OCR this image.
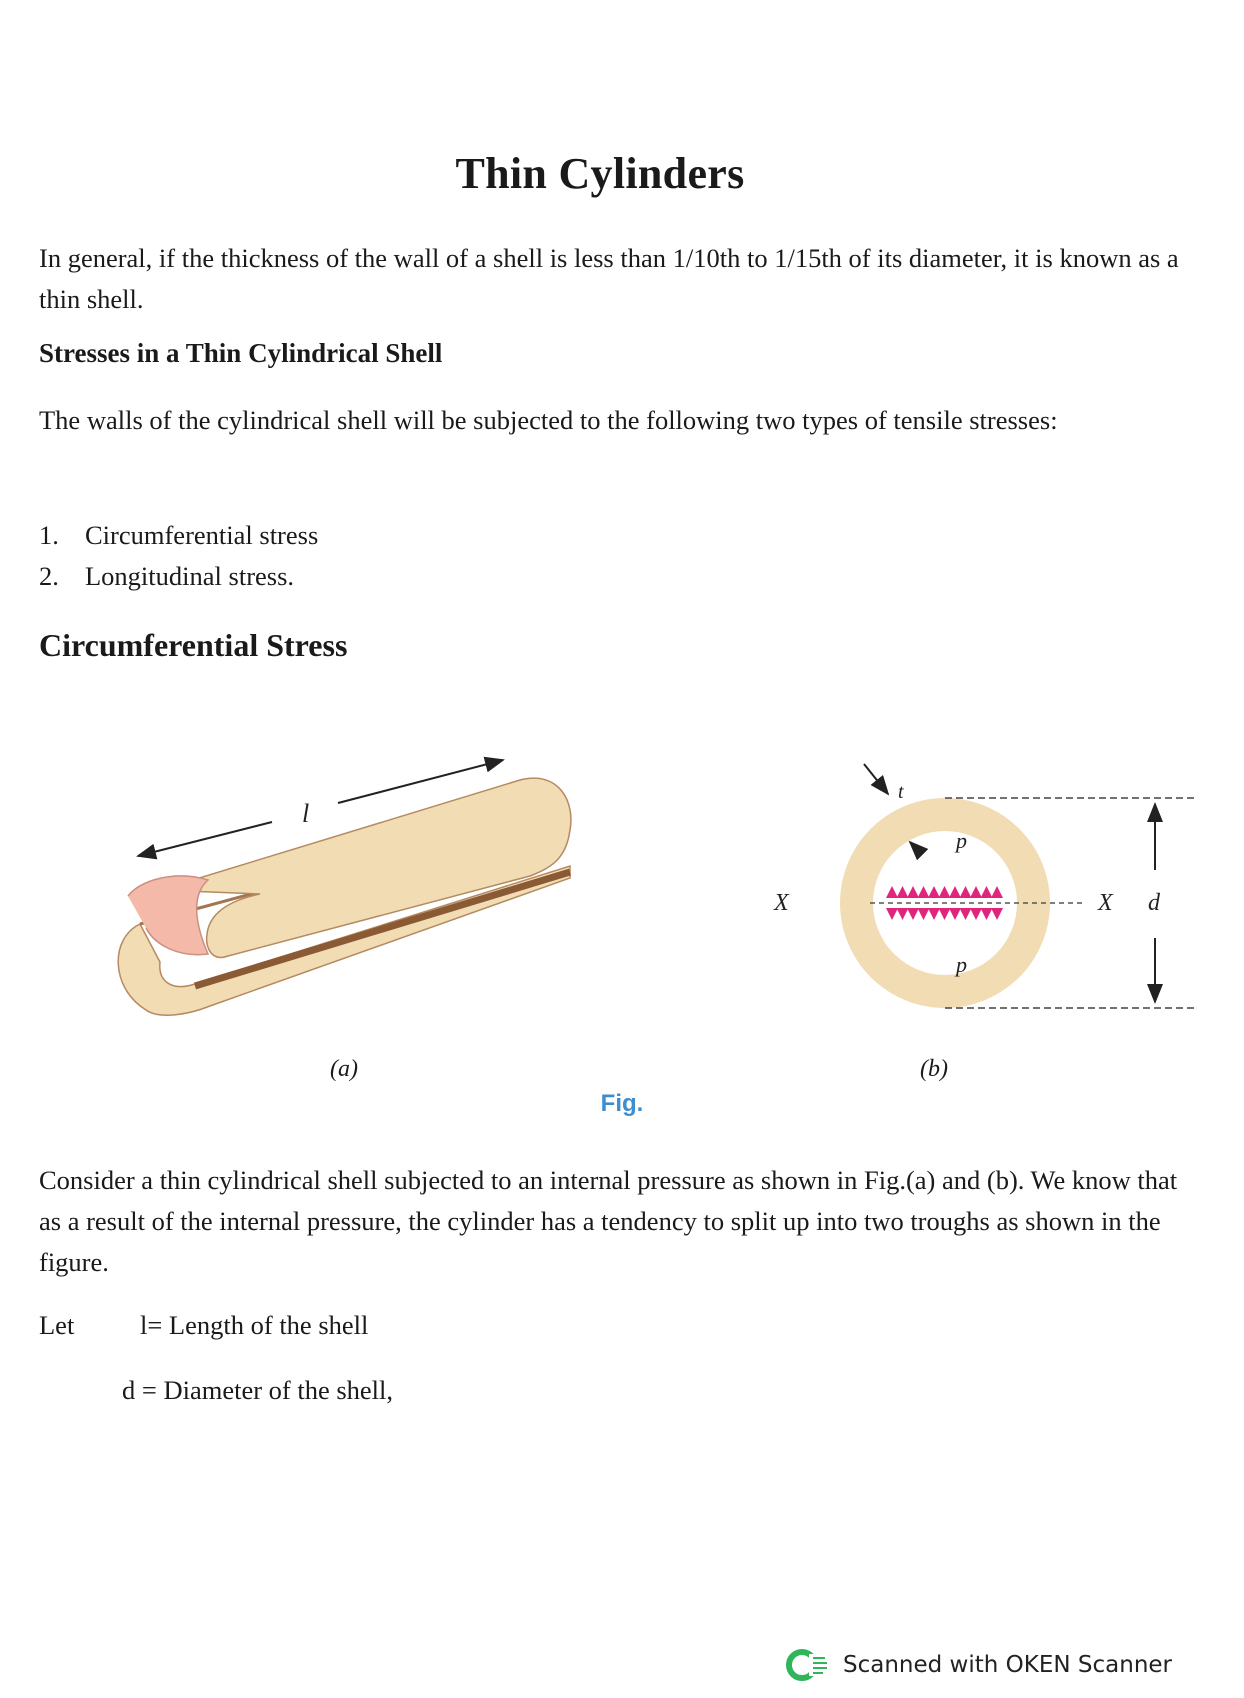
Thin Cylinders
In general, if the thickness of the wall of a shell is less than 1/10th to 1/15th of its diameter, it is known as a thin shell.
Stresses in a Thin Cylindrical Shell
The walls of the cylindrical shell will be subjected to the following two types of tensile stresses:
1. Circumferential stress
2. Longitudinal stress.
Circumferential Stress
l
t
p
p
X	X d
(a)	(b)
Fig.
Consider a thin cylindrical shell subjected to an internal pressure as shown in Fig.(a) and (b). We know that as a result of the internal pressure, the cylinder has a tendency to split up into two troughs as shown in the figure.
Let l= Length of the shell
d = Diameter of the shell,
Scanned with OKEN Scanner
